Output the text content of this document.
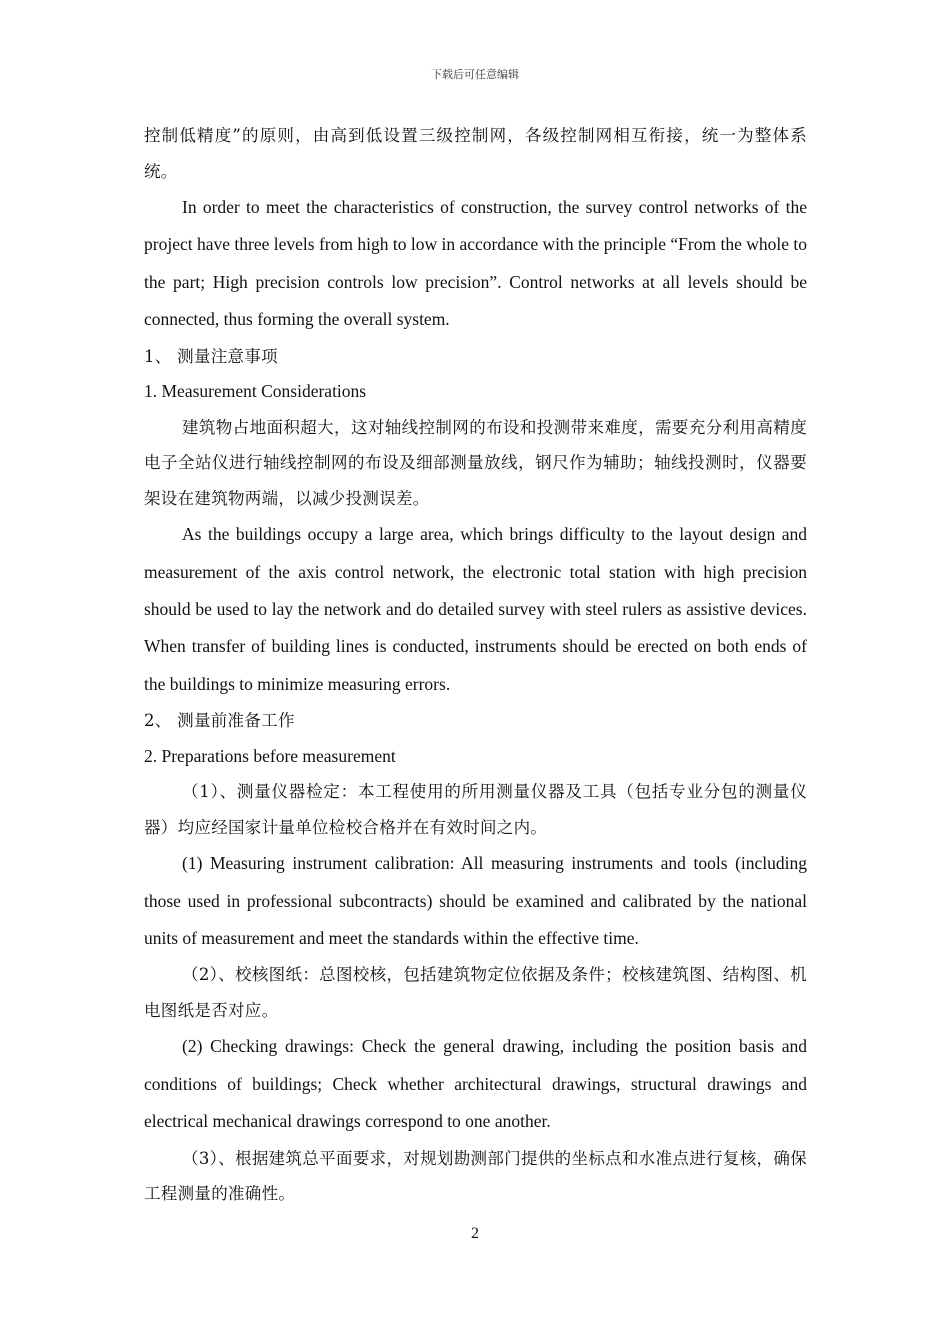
下载后可任意编辑

控制低精度”的原则，由高到低设置三级控制网，各级控制网相互衔接，统一为整体系统。

In order to meet the characteristics of construction, the survey control networks of the project have three levels from high to low in accordance with the principle “From the whole to the part; High precision controls low precision”. Control networks at all levels should be connected, thus forming the overall system.

1、 测量注意事项

1. Measurement Considerations

建筑物占地面积超大，这对轴线控制网的布设和投测带来难度，需要充分利用高精度电子全站仪进行轴线控制网的布设及细部测量放线，钢尺作为辅助；轴线投测时，仪器要架设在建筑物两端，以减少投测误差。

As the buildings occupy a large area, which brings difficulty to the layout design and measurement of the axis control network, the electronic total station with high precision should be used to lay the network and do detailed survey with steel rulers as assistive devices. When transfer of building lines is conducted, instruments should be erected on both ends of the buildings to minimize measuring errors.

2、 测量前准备工作

2. Preparations before measurement

（1）、测量仪器检定：本工程使用的所用测量仪器及工具（包括专业分包的测量仪器）均应经国家计量单位检校合格并在有效时间之内。

(1) Measuring instrument calibration: All measuring instruments and tools (including those used in professional subcontracts) should be examined and calibrated by the national units of measurement and meet the standards within the effective time.

（2）、校核图纸：总图校核，包括建筑物定位依据及条件；校核建筑图、结构图、机电图纸是否对应。

(2) Checking drawings: Check the general drawing, including the position basis and conditions of buildings; Check whether architectural drawings, structural drawings and electrical mechanical drawings correspond to one another.

（3）、根据建筑总平面要求，对规划勘测部门提供的坐标点和水准点进行复核，确保工程测量的准确性。

2
